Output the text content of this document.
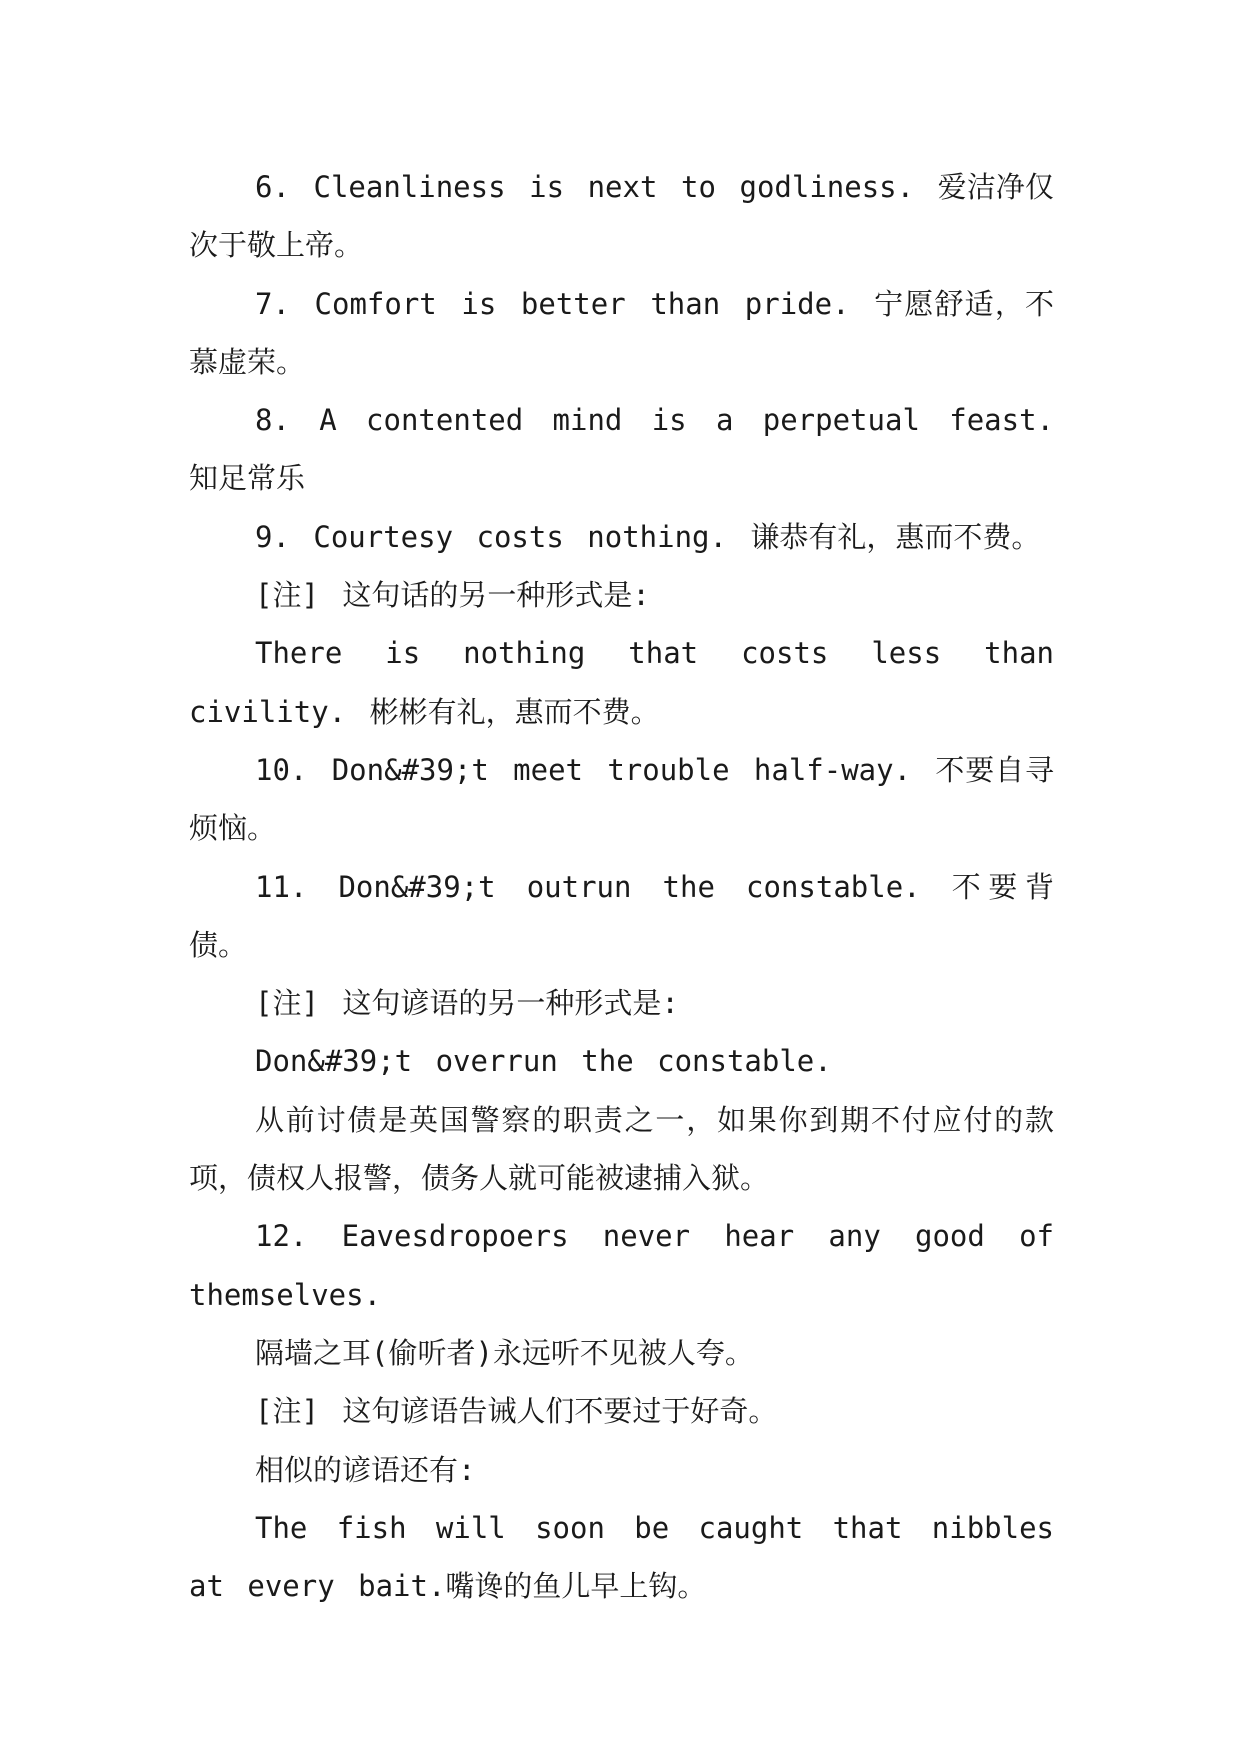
6. Cleanliness is next to godliness. 爱洁净仅次于敬上帝。

7. Comfort is better than pride. 宁愿舒适，不慕虚荣。

8. A contented mind is a perpetual feast. 知足常乐

9. Courtesy costs nothing. 谦恭有礼，惠而不费。

[注] 这句话的另一种形式是:

There is nothing that costs less than civility. 彬彬有礼，惠而不费。

10. Don&#39;t meet trouble half-way. 不要自寻烦恼。

11. Don&#39;t outrun the constable. 不要背债。

[注] 这句谚语的另一种形式是:

Don&#39;t overrun the constable.

从前讨债是英国警察的职责之一，如果你到期不付应付的款项，债权人报警，债务人就可能被逮捕入狱。

12. Eavesdropoers never hear any good of themselves.

隔墙之耳(偷听者)永远听不见被人夸。

[注] 这句谚语告诫人们不要过于好奇。

相似的谚语还有:

The fish will soon be caught that nibbles at every bait.嘴谗的鱼儿早上钩。
